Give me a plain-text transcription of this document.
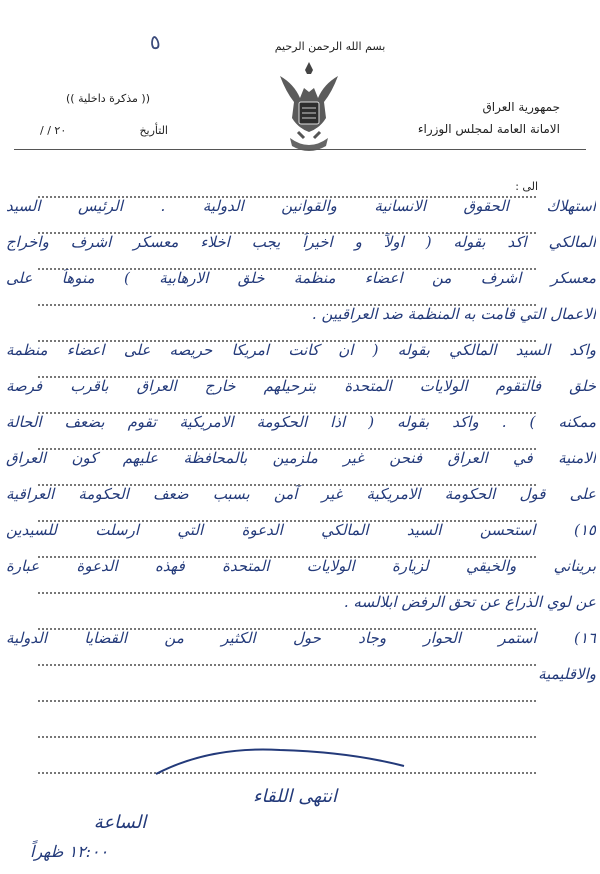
٥	بسم الله الرحمن الرحيم
جمهورية العراق
الامانة العامة لمجلس الوزراء
(( مذكرة داخلية ))
التأريخ
/ / ٢٠
الى :
استهلاك الحقوق الانسانية والقوانين الدولية . الرئيس السيد
المالكي اكد بقوله ( اولاً و اخيراً يجب اخلاء معسكر اشرف واخراج
معسكر اشرف من اعضاء منظمة خلق الارهابية ) منوهاً على
الاعمال التي قامت به المنظمة ضد العراقيين .
واكد السيد المالكي بقوله ( ان كانت امريكا حريصه على اعضاء منظمة
خلق فالتقوم الولايات المتحدة بترحيلهم خارج العراق باقرب فرصة
ممكنه ) . واكد بقوله ( اذا الحكومة الامريكية تقوم بضعف الحالة
الامنية في العراق فنحن غير ملزمين بالمحافظة عليهم كون العراق
على قول الحكومة الامريكية غير آمن بسبب ضعف الحكومة العراقية
١٥) استحسن السيد المالكي الدعوة التي ارسلت للسيدين
بريناني والخيقي لزيارة الولايات المتحدة فهذه الدعوة عبارة
عن لوي الذراع عن تحق الرفض ابلالسه .
١٦) استمر الحوار وجاد حول الكثير من القضايا الدولية
والاقليمية
انتهى اللقاء
الساعة
١٢:٠٠ ظهراً
